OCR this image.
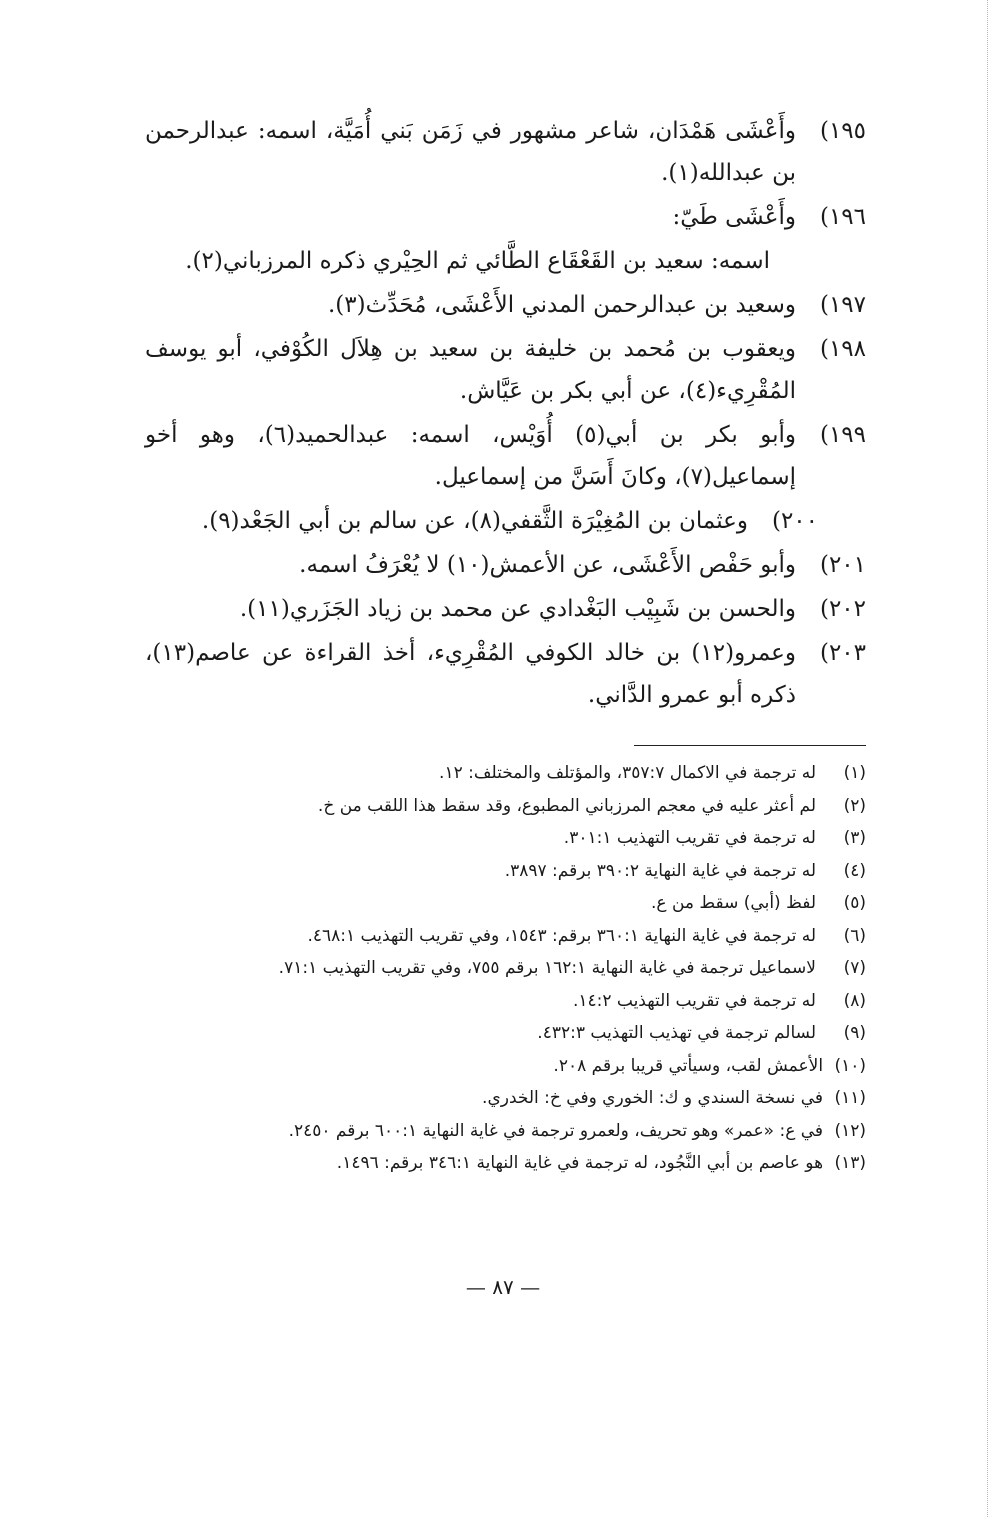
١٩٥)
وأَعْشَى هَمْدَان، شاعر مشهور في زَمَن بَني أُمَيَّة، اسمه: عبدالرحمن بن عبدالله(١).
١٩٦)
وأَعْشَى طَيّ:
اسمه: سعيد بن القَعْقَاع الطَّائي ثم الحِيْري ذكره المرزباني(٢).
١٩٧)
وسعيد بن عبدالرحمن المدني الأَعْشَى، مُحَدِّث(٣).
١٩٨)
ويعقوب بن مُحمد بن خليفة بن سعيد بن هِلاَل الكُوْفي، أبو يوسف المُقْرِيء(٤)، عن أبي بكر بن عَيَّاش.
١٩٩)
وأبو بكر بن أبي(٥) أُوَيْس، اسمه: عبدالحميد(٦)، وهو أخو إسماعيل(٧)، وكانَ أَسَنَّ من إسماعيل.
٢٠٠)
وعثمان بن المُغِيْرَة الثَّقفي(٨)، عن سالم بن أبي الجَعْد(٩).
٢٠١)
وأبو حَفْص الأَعْشَى، عن الأعمش(١٠) لا يُعْرَفُ اسمه.
٢٠٢)
والحسن بن شَبِيْب البَغْدادي عن محمد بن زياد الجَزَري(١١).
٢٠٣)
وعمرو(١٢) بن خالد الكوفي المُقْرِيء، أخذ القراءة عن عاصم(١٣)، ذكره أبو عمرو الدَّاني.
(١)
له ترجمة في الاكمال ٣٥٧:٧، والمؤتلف والمختلف: ١٢.
(٢)
لم أعثر عليه في معجم المرزباني المطبوع، وقد سقط هذا اللقب من خ.
(٣)
له ترجمة في تقريب التهذيب ٣٠١:١.
(٤)
له ترجمة في غاية النهاية ٣٩٠:٢ برقم: ٣٨٩٧.
(٥)
لفظ (أبي) سقط من ع.
(٦)
له ترجمة في غاية النهاية ٣٦٠:١ برقم: ١٥٤٣، وفي تقريب التهذيب ٤٦٨:١.
(٧)
لاسماعيل ترجمة في غاية النهاية ١٦٢:١ برقم ٧٥٥، وفي تقريب التهذيب ٧١:١.
(٨)
له ترجمة في تقريب التهذيب ١٤:٢.
(٩)
لسالم ترجمة في تهذيب التهذيب ٤٣٢:٣.
(١٠) الأعمش لقب، وسيأتي قريبا برقم ٢٠٨.
(١١) في نسخة السندي و ك: الخوري وفي خ: الخدري.
(١٢) في ع: «عمر» وهو تحريف، ولعمرو ترجمة في غاية النهاية ٦٠٠:١ برقم ٢٤٥٠.
(١٣) هو عاصم بن أبي النَّجُود، له ترجمة في غاية النهاية ٣٤٦:١ برقم: ١٤٩٦.
— ٨٧ —
